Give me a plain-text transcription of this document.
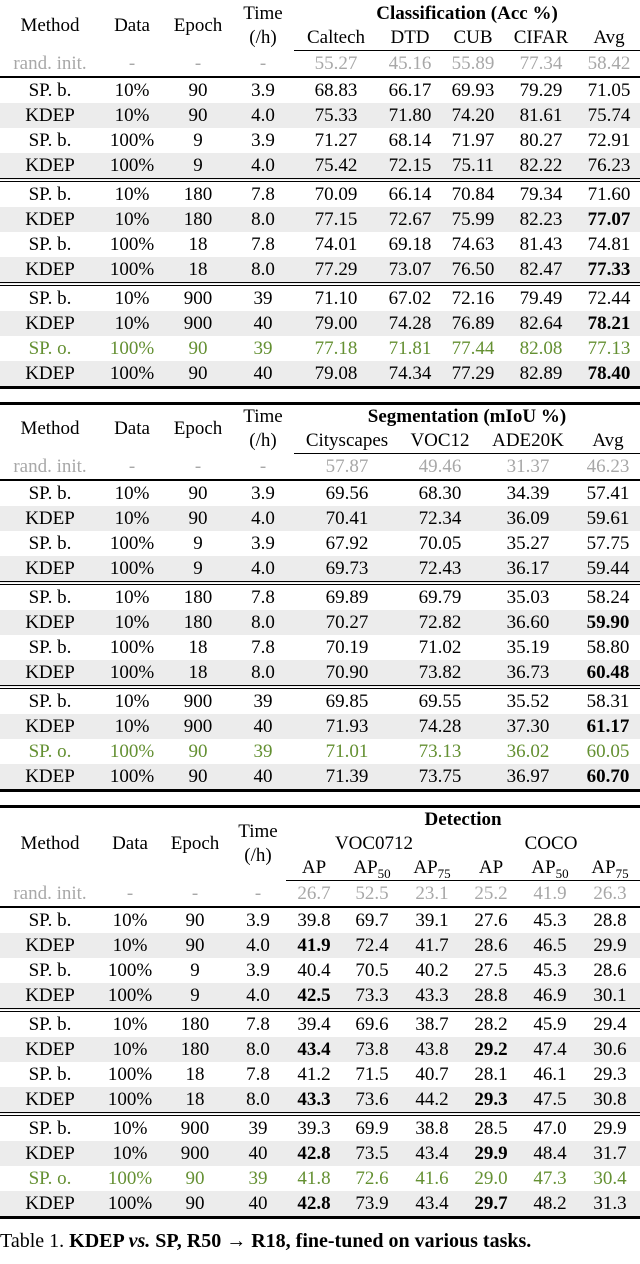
Method	Data	Epoch	Time
(/h)	Classification (Acc %)				
				Caltech	DTD	CUB	CIFAR	Avg
rand. init.	-	-	-	55.27	45.16	55.89	77.34	58.42
SP. b.	10%	90	3.9	68.83	66.17	69.93	79.29	71.05
KDEP	10%	90	4.0	75.33	71.80	74.20	81.61	75.74
SP. b.	100%	9	3.9	71.27	68.14	71.97	80.27	72.91
KDEP	100%	9	4.0	75.42	72.15	75.11	82.22	76.23
SP. b.	10%	180	7.8	70.09	66.14	70.84	79.34	71.60
KDEP	10%	180	8.0	77.15	72.67	75.99	82.23	77.07
SP. b.	100%	18	7.8	74.01	69.18	74.63	81.43	74.81
KDEP	100%	18	8.0	77.29	73.07	76.50	82.47	77.33
SP. b.	10%	900	39	71.10	67.02	72.16	79.49	72.44
KDEP	10%	900	40	79.00	74.28	76.89	82.64	78.21
SP. o.	100%	90	39	77.18	71.81	77.44	82.08	77.13
KDEP	100%	90	40	79.08	74.34	77.29	82.89	78.40
Method	Data	Epoch	Time
(/h)	Segmentation (mIoU %)			
				Cityscapes	VOC12	ADE20K	Avg
rand. init.	-	-	-	57.87	49.46	31.37	46.23
SP. b.	10%	90	3.9	69.56	68.30	34.39	57.41
KDEP	10%	90	4.0	70.41	72.34	36.09	59.61
SP. b.	100%	9	3.9	67.92	70.05	35.27	57.75
KDEP	100%	9	4.0	69.73	72.43	36.17	59.44
SP. b.	10%	180	7.8	69.89	69.79	35.03	58.24
KDEP	10%	180	8.0	70.27	72.82	36.60	59.90
SP. b.	100%	18	7.8	70.19	71.02	35.19	58.80
KDEP	100%	18	8.0	70.90	73.82	36.73	60.48
SP. b.	10%	900	39	69.85	69.55	35.52	58.31
KDEP	10%	900	40	71.93	74.28	37.30	61.17
SP. o.	100%	90	39	71.01	73.13	36.02	60.05
KDEP	100%	90	40	71.39	73.75	36.97	60.70
Method	Data	Epoch	Time
(/h)	Detection					
				VOC0712			COCO		
				AP	$AP_{50}$	$AP_{75}$	AP	$AP_{50}$	$AP_{75}$
rand. init.	-	-	-	26.7	52.5	23.1	25.2	41.9	26.3
SP. b.	10%	90	3.9	39.8	69.7	39.1	27.6	45.3	28.8
KDEP	10%	90	4.0	41.9	72.4	41.7	28.6	46.5	29.9
SP. b.	100%	9	3.9	40.4	70.5	40.2	27.5	45.3	28.6
KDEP	100%	9	4.0	42.5	73.3	43.3	28.8	46.9	30.1
SP. b.	10%	180	7.8	39.4	69.6	38.7	28.2	45.9	29.4
KDEP	10%	180	8.0	43.4	73.8	43.8	29.2	47.4	30.6
SP. b.	100%	18	7.8	41.2	71.5	40.7	28.1	46.1	29.3
KDEP	100%	18	8.0	43.3	73.6	44.2	29.3	47.5	30.8
SP. b.	10%	900	39	39.3	69.9	38.8	28.5	47.0	29.9
KDEP	10%	900	40	42.8	73.5	43.4	29.9	48.4	31.7
SP. o.	100%	90	39	41.8	72.6	41.6	29.0	47.3	30.4
KDEP	100%	90	40	42.8	73.9	43.4	29.7	48.2	31.3
Table 1. KDEP vs. SP, R50 → R18, fine-tuned on various tasks.
